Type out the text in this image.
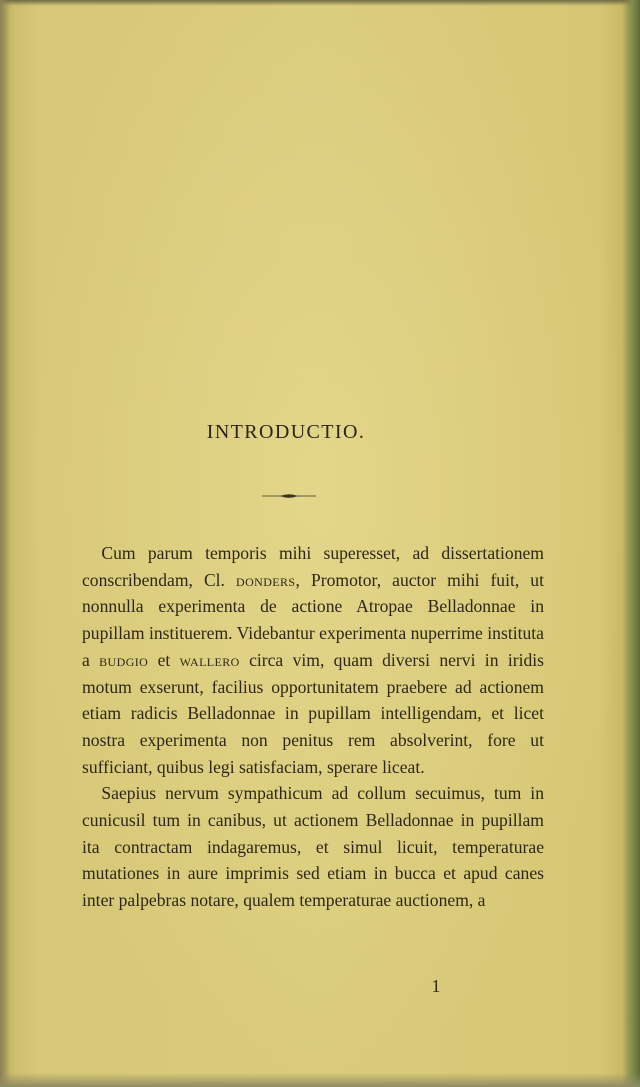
INTRODUCTIO.

Cum parum temporis mihi superesset, ad dissertationem conscribendam, Cl. donders, Promotor, auctor mihi fuit, ut nonnulla experimenta de actione Atropae Belladonnae in pupillam instituerem. Videbantur experimenta nuperrime instituta a budgio et wallero circa vim, quam diversi nervi in iridis motum exserunt, facilius opportunitatem praebere ad actionem etiam radicis Belladonnae in pupillam intelligendam, et licet nostra experimenta non penitus rem absolverint, fore ut sufficiant, quibus legi satisfaciam, sperare liceat.

Saepius nervum sympathicum ad collum secuimus, tum in cunicusil tum in canibus, ut actionem Belladonnae in pupillam ita contractam indagaremus, et simul licuit, temperaturae mutationes in aure imprimis sed etiam in bucca et apud canes inter palpebras notare, qualem temperaturae auctionem, a

1
